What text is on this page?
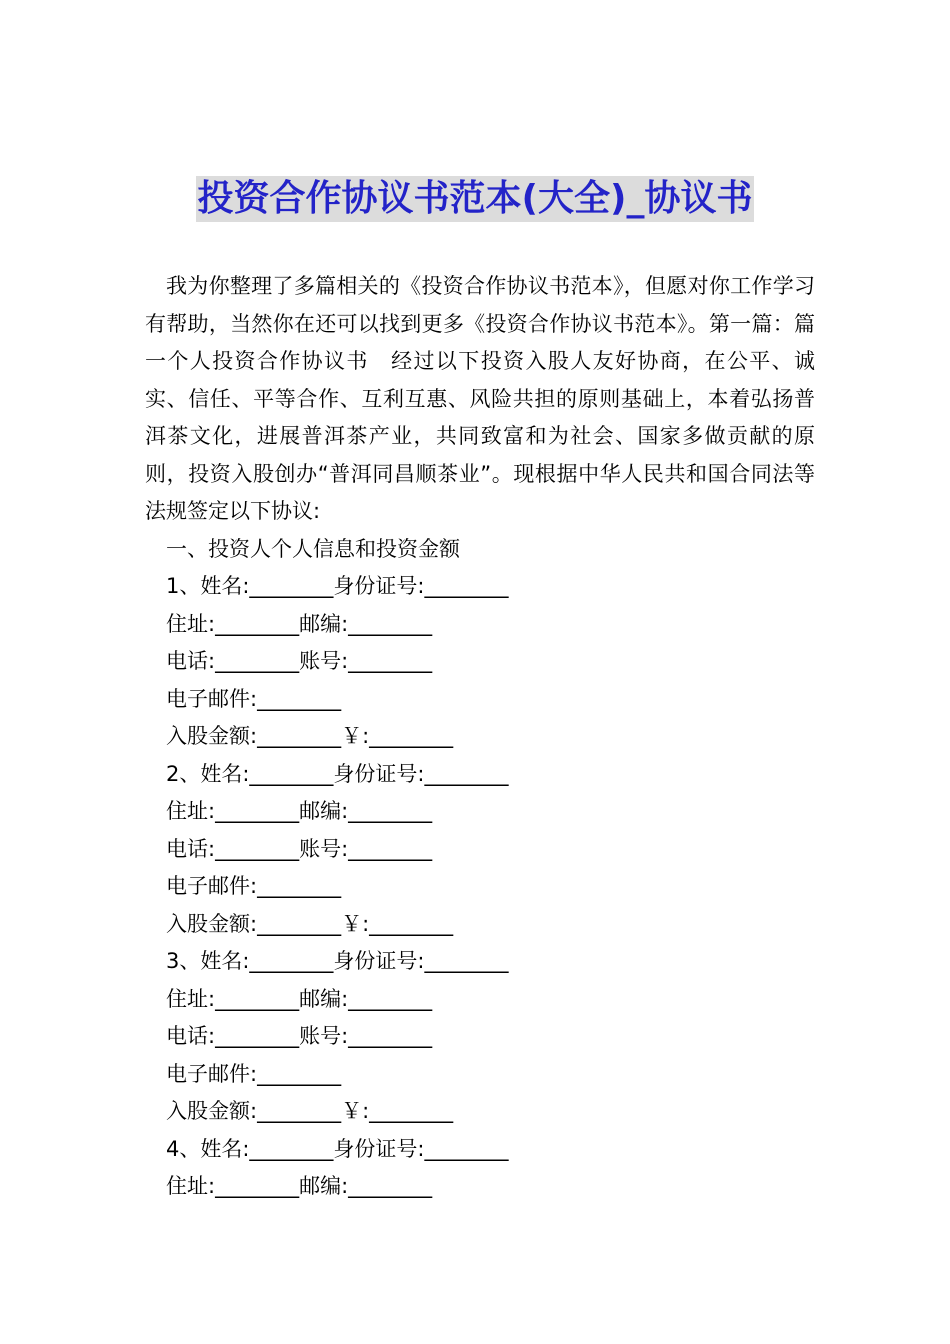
投资合作协议书范本(大全)_协议书

我为你整理了多篇相关的《投资合作协议书范本》，但愿对你工作学习有帮助，当然你在还可以找到更多《投资合作协议书范本》。第一篇：篇一个人投资合作协议书　经过以下投资入股人友好协商，在公平、诚实、信任、平等合作、互利互惠、风险共担的原则基础上，本着弘扬普洱茶文化，进展普洱茶产业，共同致富和为社会、国家多做贡献的原则，投资入股创办“普洱同昌顺茶业”。现根据中华人民共和国合同法等法规签定以下协议:

一、投资人个人信息和投资金额

1、姓名:________身份证号:________

住址:________邮编:________

电话:________账号:________

电子邮件:________

入股金额:________￥:________

2、姓名:________身份证号:________

住址:________邮编:________

电话:________账号:________

电子邮件:________

入股金额:________￥:________

3、姓名:________身份证号:________

住址:________邮编:________

电话:________账号:________

电子邮件:________

入股金额:________￥:________

4、姓名:________身份证号:________

住址:________邮编:________
